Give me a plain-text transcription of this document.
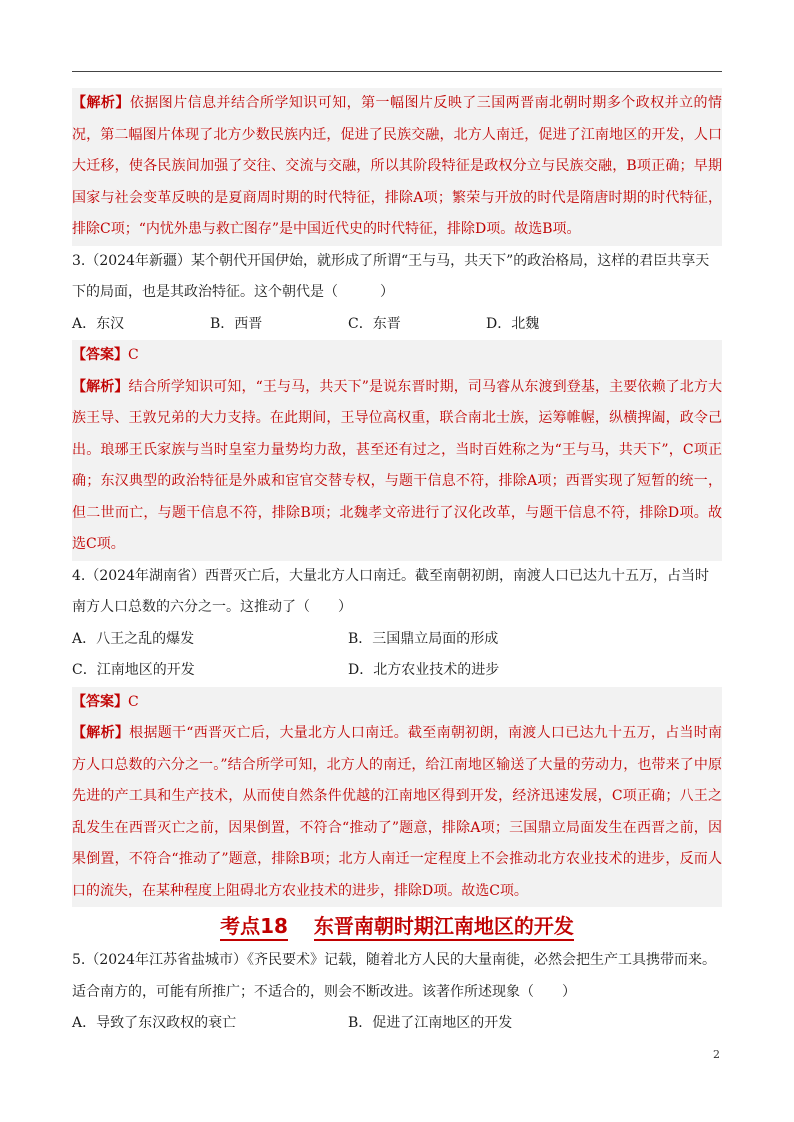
【解析】依据图片信息并结合所学知识可知，第一幅图片反映了三国两晋南北朝时期多个政权并立的情况，第二幅图片体现了北方少数民族内迁，促进了民族交融，北方人南迁，促进了江南地区的开发，人口大迁移，使各民族间加强了交往、交流与交融，所以其阶段特征是政权分立与民族交融，B项正确；早期国家与社会变革反映的是夏商周时期的时代特征，排除A项；繁荣与开放的时代是隋唐时期的时代特征，排除C项；“内忧外患与救亡图存”是中国近代史的时代特征，排除D项。故选B项。

3.（2024年新疆）某个朝代开国伊始，就形成了所谓“王与马，共天下”的政治格局，这样的君臣共享天下的局面，也是其政治特征。这个朝代是（　　　）

A．东汉	B．西晋	C．东晋	D．北魏

【答案】C

【解析】结合所学知识可知，“王与马，共天下”是说东晋时期，司马睿从东渡到登基，主要依赖了北方大族王导、王敦兄弟的大力支持。在此期间，王导位高权重，联合南北士族，运筹帷幄，纵横捭阖，政令己出。琅琊王氏家族与当时皇室力量势均力敌，甚至还有过之，当时百姓称之为“王与马，共天下”，C项正确；东汉典型的政治特征是外戚和宦官交替专权，与题干信息不符，排除A项；西晋实现了短暂的统一，但二世而亡，与题干信息不符，排除B项；北魏孝文帝进行了汉化改革，与题干信息不符，排除D项。故选C项。

4.（2024年湖南省）西晋灭亡后，大量北方人口南迁。截至南朝初朗，南渡人口已达九十五万，占当时南方人口总数的六分之一。这推动了（　　）

A．八王之乱的爆发	B．三国鼎立局面的形成
C．江南地区的开发	D．北方农业技术的进步

【答案】C

【解析】根据题干“西晋灭亡后，大量北方人口南迁。截至南朝初朗，南渡人口已达九十五万，占当时南方人口总数的六分之一。”结合所学可知，北方人的南迁，给江南地区输送了大量的劳动力，也带来了中原先进的产工具和生产技术，从而使自然条件优越的江南地区得到开发，经济迅速发展，C项正确；八王之乱发生在西晋灭亡之前，因果倒置，不符合“推动了”题意，排除A项；三国鼎立局面发生在西晋之前，因果倒置，不符合“推动了”题意，排除B项；北方人南迁一定程度上不会推动北方农业技术的进步，反而人口的流失，在某种程度上阻碍北方农业技术的进步，排除D项。故选C项。

考点18 东晋南朝时期江南地区的开发

5.（2024年江苏省盐城市）《齐民要术》记载，随着北方人民的大量南徙，必然会把生产工具携带而来。适合南方的，可能有所推广；不适合的，则会不断改进。该著作所述现象（　　）

A．导致了东汉政权的衰亡	B．促进了江南地区的开发
2
